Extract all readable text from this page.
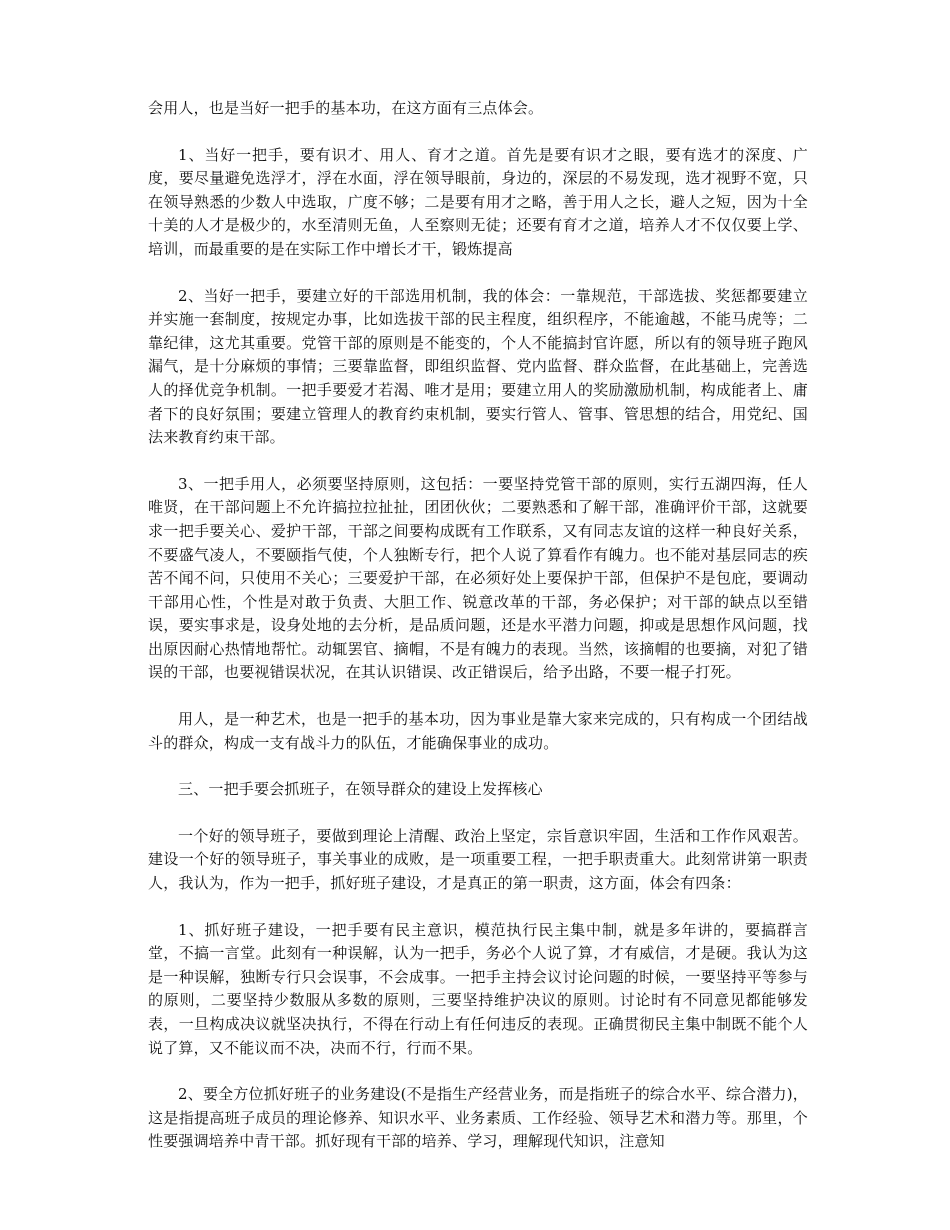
会用人，也是当好一把手的基本功，在这方面有三点体会。

1、当好一把手，要有识才、用人、育才之道。首先是要有识才之眼，要有选才的深度、广度，要尽量避免选浮才，浮在水面，浮在领导眼前，身边的，深层的不易发现，选才视野不宽，只在领导熟悉的少数人中选取，广度不够；二是要有用才之略，善于用人之长，避人之短，因为十全十美的人才是极少的，水至清则无鱼，人至察则无徒；还要有育才之道，培养人才不仅仅要上学、培训，而最重要的是在实际工作中增长才干，锻炼提高

2、当好一把手，要建立好的干部选用机制，我的体会：一靠规范，干部选拔、奖惩都要建立并实施一套制度，按规定办事，比如选拔干部的民主程度，组织程序，不能逾越，不能马虎等；二靠纪律，这尤其重要。党管干部的原则是不能变的，个人不能搞封官许愿，所以有的领导班子跑风漏气，是十分麻烦的事情；三要靠监督，即组织监督、党内监督、群众监督，在此基础上，完善选人的择优竞争机制。一把手要爱才若渴、唯才是用；要建立用人的奖励激励机制，构成能者上、庸者下的良好氛围；要建立管理人的教育约束机制，要实行管人、管事、管思想的结合，用党纪、国法来教育约束干部。

3、一把手用人，必须要坚持原则，这包括：一要坚持党管干部的原则，实行五湖四海，任人唯贤，在干部问题上不允许搞拉拉扯扯，团团伙伙；二要熟悉和了解干部，准确评价干部，这就要求一把手要关心、爱护干部，干部之间要构成既有工作联系，又有同志友谊的这样一种良好关系，不要盛气凌人，不要颐指气使，个人独断专行，把个人说了算看作有魄力。也不能对基层同志的疾苦不闻不问，只使用不关心；三要爱护干部，在必须好处上要保护干部，但保护不是包庇，要调动干部用心性，个性是对敢于负责、大胆工作、锐意改革的干部，务必保护；对干部的缺点以至错误，要实事求是，设身处地的去分析，是品质问题，还是水平潜力问题，抑或是思想作风问题，找出原因耐心热情地帮忙。动辄罢官、摘帽，不是有魄力的表现。当然，该摘帽的也要摘，对犯了错误的干部，也要视错误状况，在其认识错误、改正错误后，给予出路，不要一棍子打死。

用人，是一种艺术，也是一把手的基本功，因为事业是靠大家来完成的，只有构成一个团结战斗的群众，构成一支有战斗力的队伍，才能确保事业的成功。

三、一把手要会抓班子，在领导群众的建设上发挥核心

一个好的领导班子，要做到理论上清醒、政治上坚定，宗旨意识牢固，生活和工作作风艰苦。建设一个好的领导班子，事关事业的成败，是一项重要工程，一把手职责重大。此刻常讲第一职责人，我认为，作为一把手，抓好班子建设，才是真正的第一职责，这方面，体会有四条：

1、抓好班子建设，一把手要有民主意识，模范执行民主集中制，就是多年讲的，要搞群言堂，不搞一言堂。此刻有一种误解，认为一把手，务必个人说了算，才有威信，才是硬。我认为这是一种误解，独断专行只会误事，不会成事。一把手主持会议讨论问题的时候，一要坚持平等参与的原则，二要坚持少数服从多数的原则，三要坚持维护决议的原则。讨论时有不同意见都能够发表，一旦构成决议就坚决执行，不得在行动上有任何违反的表现。正确贯彻民主集中制既不能个人说了算，又不能议而不决，决而不行，行而不果。

2、要全方位抓好班子的业务建设(不是指生产经营业务，而是指班子的综合水平、综合潜力)，这是指提高班子成员的理论修养、知识水平、业务素质、工作经验、领导艺术和潜力等。那里，个性要强调培养中青干部。抓好现有干部的培养、学习，理解现代知识，注意知
